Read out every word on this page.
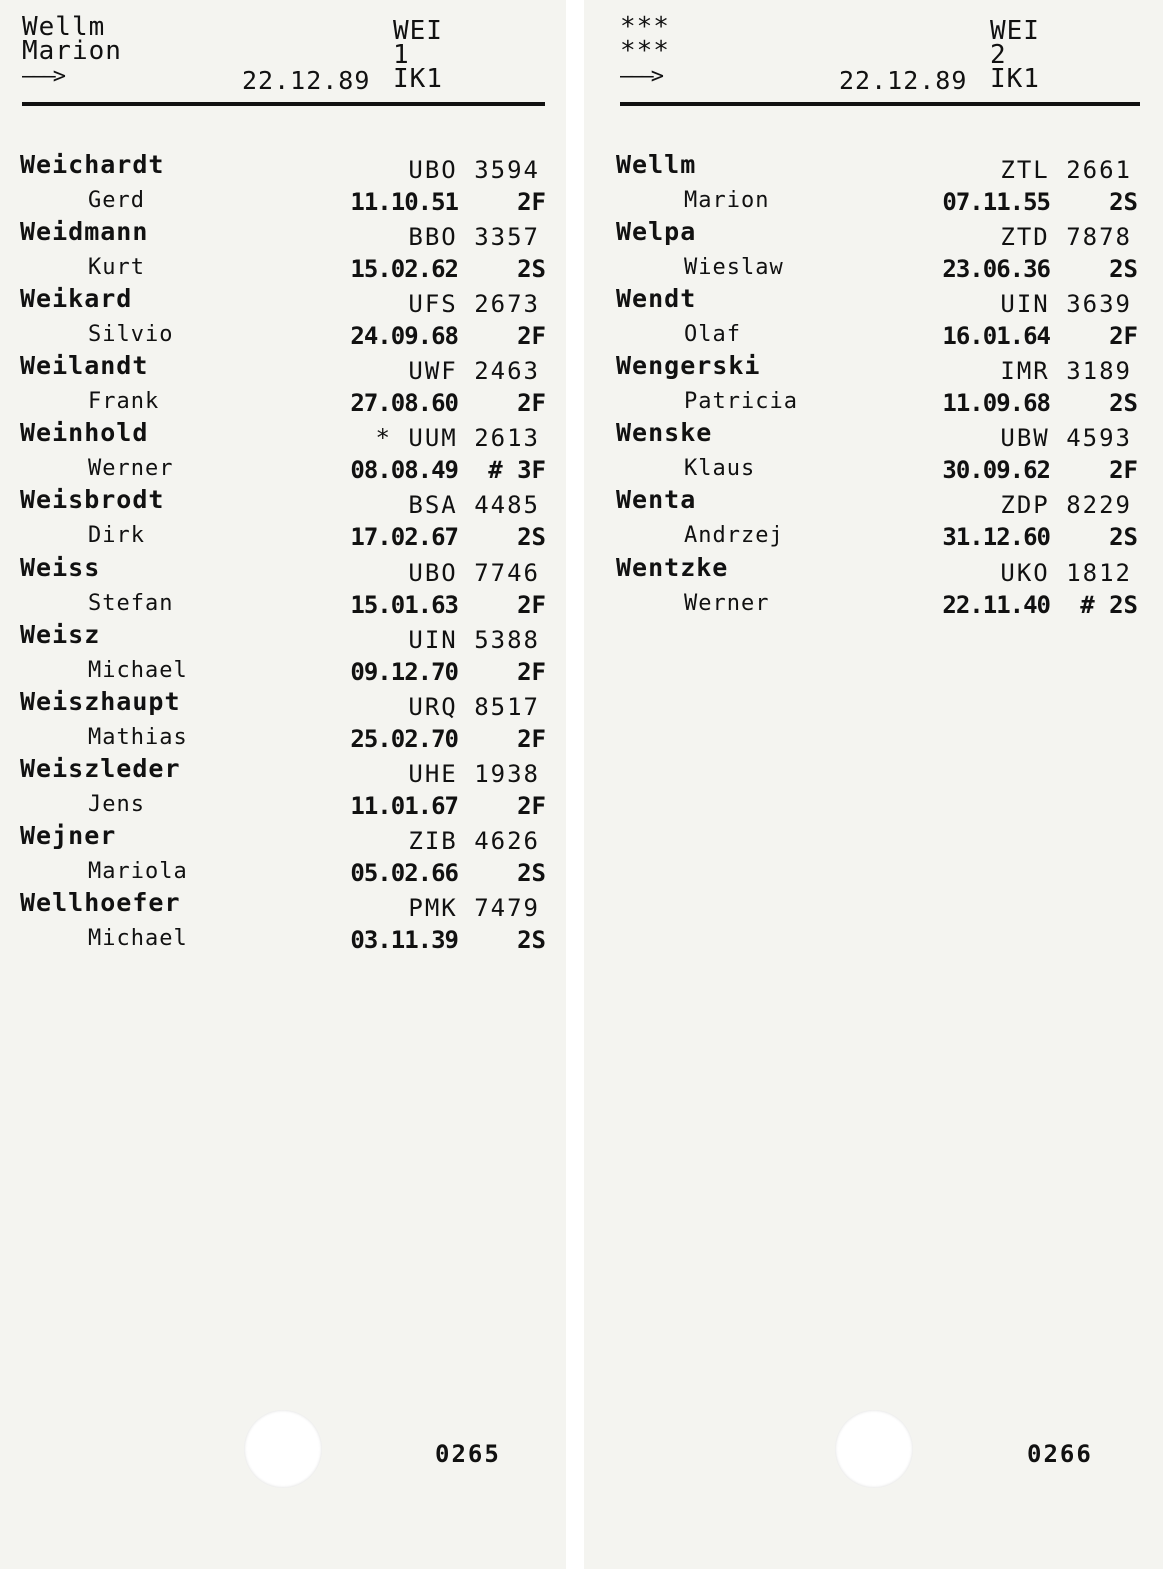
Wellm
Marion
———>	22.12.89
WEI
1
IK1
Weichardt	UBO 3594
Gerd	11.10.51 2F
Weidmann	BBO 3357
Kurt	15.02.62 2S
Weikard	UFS 2673
Silvio	24.09.68 2F
Weilandt	UWF 2463
Frank	27.08.60 2F
Weinhold	* UUM 2613
Werner	08.08.49 # 3F
Weisbrodt	BSA 4485
Dirk	17.02.67 2S
Weiss	UBO 7746
Stefan	15.01.63 2F
Weisz	UIN 5388
Michael	09.12.70 2F
Weiszhaupt	URQ 8517
Mathias	25.02.70 2F
Weiszleder	UHE 1938
Jens	11.01.67 2F
Wejner	ZIB 4626
Mariola	05.02.66 2S
Wellhoefer	PMK 7479
Michael	03.11.39 2S
0265
***
***
———>	22.12.89
WEI
2
IK1
Wellm	ZTL 2661
Marion	07.11.55 2S
Welpa	ZTD 7878
Wieslaw	23.06.36 2S
Wendt	UIN 3639
Olaf	16.01.64 2F
Wengerski	IMR 3189
Patricia	11.09.68 2S
Wenske	UBW 4593
Klaus	30.09.62 2F
Wenta	ZDP 8229
Andrzej	31.12.60 2S
Wentzke	UKO 1812
Werner	22.11.40 # 2S
0266
